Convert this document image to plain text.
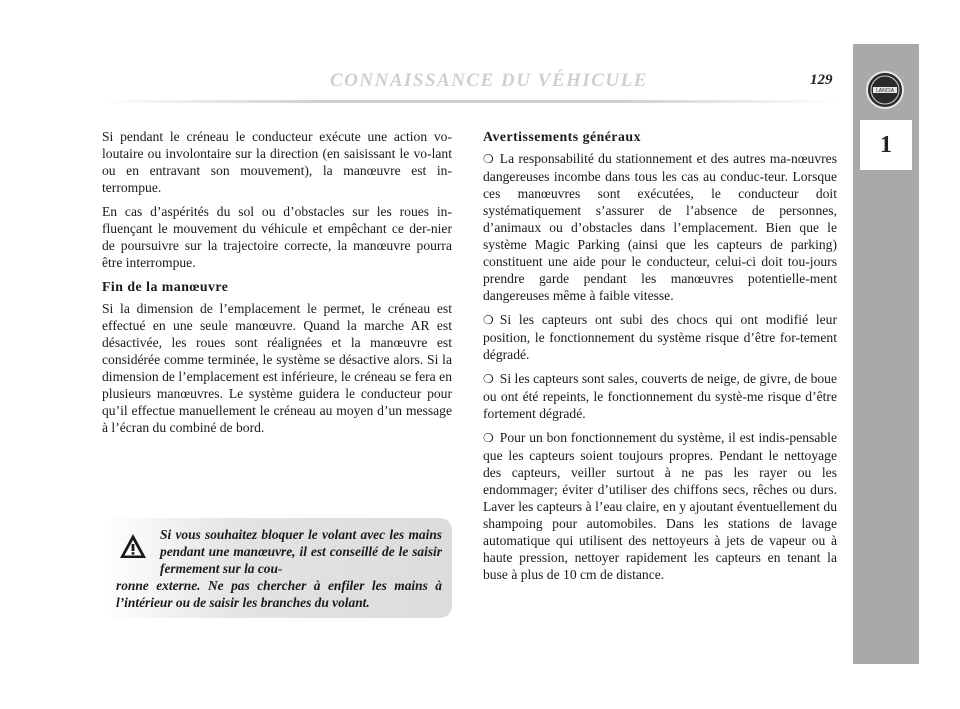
CONNAISSANCE DU VÉHICULE	129
LANCIA
1

Si pendant le créneau le conducteur exécute une action vo-loutaire ou involontaire sur la direction (en saisissant le vo-lant ou en entravant son mouvement), la manœuvre est in-terrompue.

En cas d’aspérités du sol ou d’obstacles sur les roues in-fluençant le mouvement du véhicule et empêchant ce der-nier de poursuivre sur la trajectoire correcte, la manœuvre pourra être interrompue.

Fin de la manœuvre

Si la dimension de l’emplacement le permet, le créneau est effectué en une seule manœuvre. Quand la marche AR est désactivée, les roues sont réalignées et la manœuvre est considérée comme terminée, le système se désactive alors. Si la dimension de l’emplacement est inférieure, le créneau se fera en plusieurs manœuvres. Le système guidera le conducteur pour qu’il effectue manuellement le créneau au moyen d’un message à l’écran du combiné de bord.

Si vous souhaitez bloquer le volant avec les mains pendant une manœuvre, il est conseillé de le saisir fermement sur la cou-
ronne externe. Ne pas chercher à enfiler les mains à l’intérieur ou de saisir les branches du volant.
Avertissements généraux

❍ La responsabilité du stationnement et des autres ma-nœuvres dangereuses incombe dans tous les cas au conduc-teur. Lorsque ces manœuvres sont exécutées, le conducteur doit systématiquement s’assurer de l’absence de personnes, d’animaux ou d’obstacles dans l’emplacement. Bien que le système Magic Parking (ainsi que les capteurs de parking) constituent une aide pour le conducteur, celui-ci doit tou-jours prendre garde pendant les manœuvres potentielle-ment dangereuses même à faible vitesse.

❍ Si les capteurs ont subi des chocs qui ont modifié leur position, le fonctionnement du système risque d’être for-tement dégradé.

❍ Si les capteurs sont sales, couverts de neige, de givre, de boue ou ont été repeints, le fonctionnement du systè-me risque d’être fortement dégradé.

❍ Pour un bon fonctionnement du système, il est indis-pensable que les capteurs soient toujours propres. Pendant le nettoyage des capteurs, veiller surtout à ne pas les rayer ou les endommager; éviter d’utiliser des chiffons secs, rêches ou durs. Laver les capteurs à l’eau claire, en y ajoutant éventuellement du shampoing pour automobiles. Dans les stations de lavage automatique qui utilisent des nettoyeurs à jets de vapeur ou à haute pression, nettoyer rapidement les capteurs en tenant la buse à plus de 10 cm de distance.
